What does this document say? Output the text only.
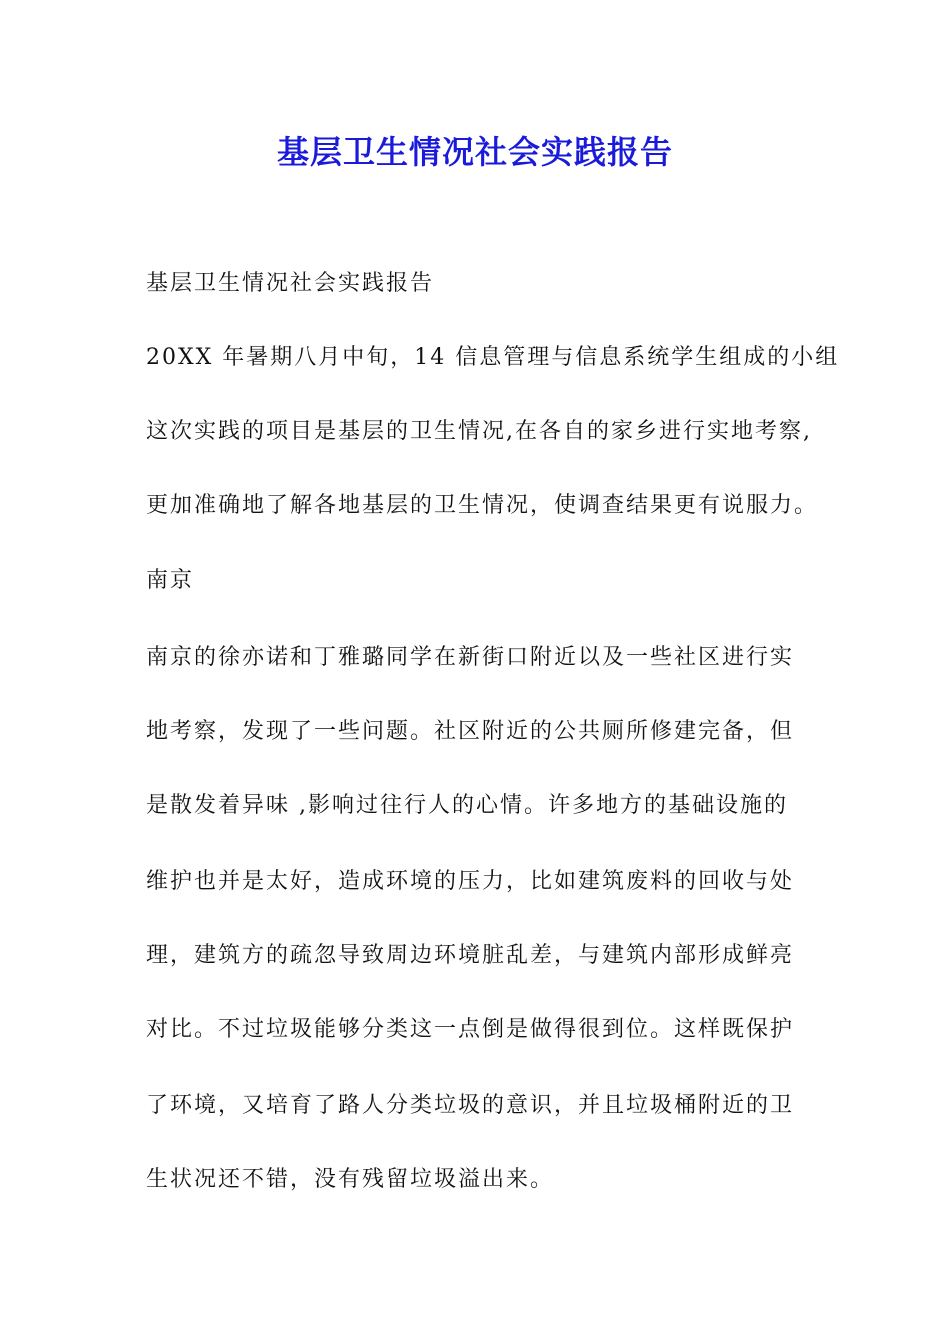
基层卫生情况社会实践报告

基层卫生情况社会实践报告

20XX 年暑期八月中旬，14 信息管理与信息系统学生组成的小组

这次实践的项目是基层的卫生情况,在各自的家乡进行实地考察,

更加准确地了解各地基层的卫生情况，使调查结果更有说服力。

南京

南京的徐亦诺和丁雅璐同学在新街口附近以及一些社区进行实

地考察，发现了一些问题。社区附近的公共厕所修建完备，但

是散发着异味 ,影响过往行人的心情。许多地方的基础设施的

维护也并是太好，造成环境的压力，比如建筑废料的回收与处

理，建筑方的疏忽导致周边环境脏乱差，与建筑内部形成鲜亮

对比。不过垃圾能够分类这一点倒是做得很到位。这样既保护

了环境，又培育了路人分类垃圾的意识，并且垃圾桶附近的卫

生状况还不错，没有残留垃圾溢出来。
